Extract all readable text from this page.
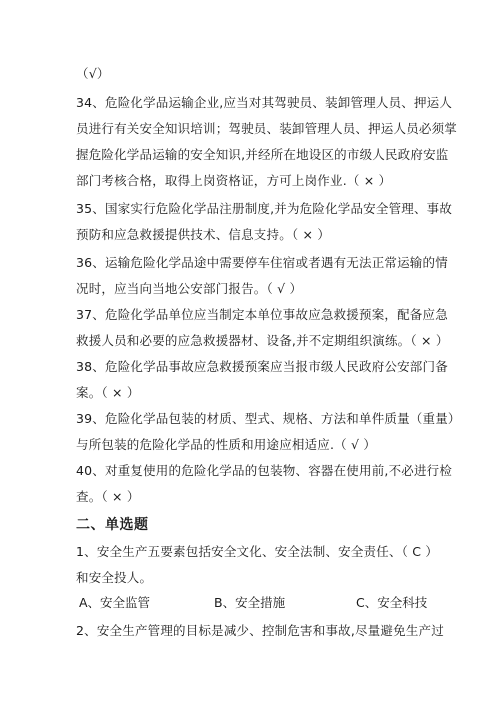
（√）
34、危险化学品运输企业,应当对其驾驶员、装卸管理人员、押运人
员进行有关安全知识培训；驾驶员、装卸管理人员、押运人员必须掌
握危险化学品运输的安全知识,并经所在地设区的市级人民政府安监
部门考核合格，取得上岗资格证，方可上岗作业.（ × ）
35、国家实行危险化学品注册制度,并为危险化学品安全管理、事故
预防和应急救援提供技术、信息支持。（ × ）
36、运输危险化学品途中需要停车住宿或者遇有无法正常运输的情
况时，应当向当地公安部门报告。（ √ ）
37、危险化学品单位应当制定本单位事故应急救援预案，配备应急
救援人员和必要的应急救援器材、设备,并不定期组织演练。（ × ）
38、危险化学品事故应急救援预案应当报市级人民政府公安部门备
案。（ × ）
39、危险化学品包装的材质、型式、规格、方法和单件质量（重量）
与所包装的危险化学品的性质和用途应相适应.（ √ ）
40、对重复使用的危险化学品的包装物、容器在使用前,不必进行检
查。（ × ）
二、单选题
1、安全生产五要素包括安全文化、安全法制、安全责任、（ C ）
和安全投人。
A、安全监管	B、安全措施	C、安全科技
2、安全生产管理的目标是减少、控制危害和事故,尽量避免生产过
